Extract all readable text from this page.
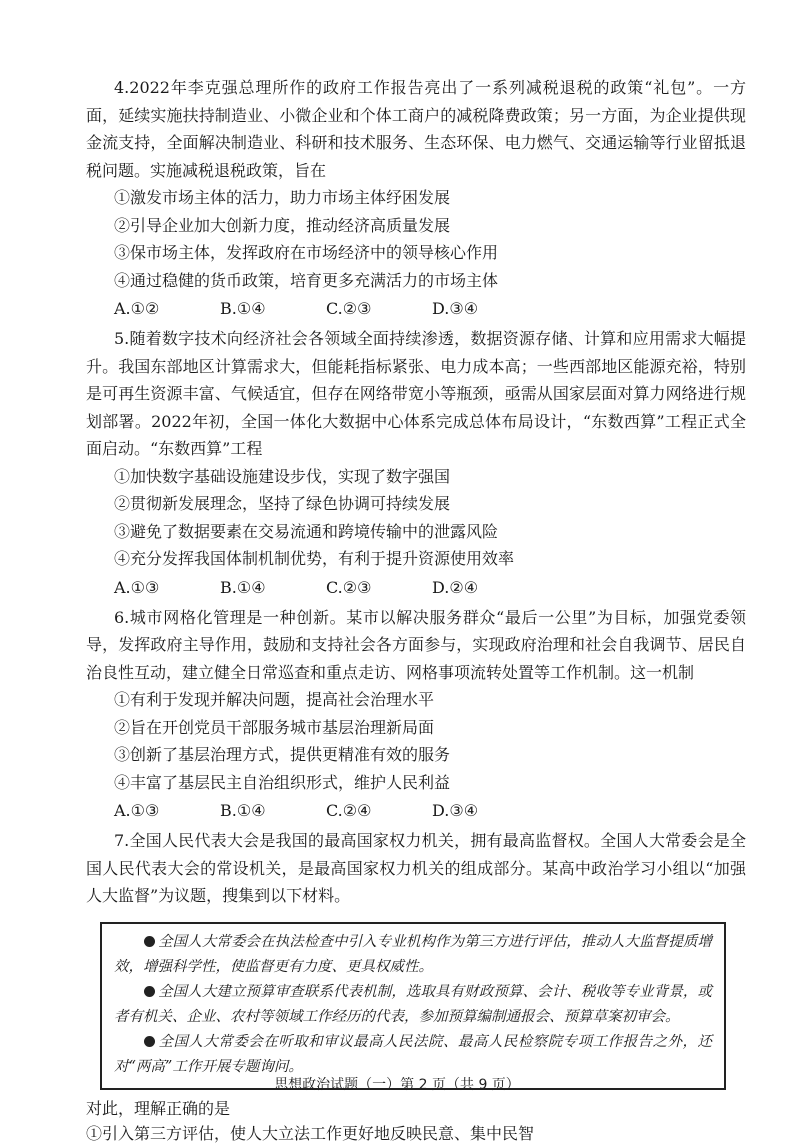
4.2022年李克强总理所作的政府工作报告亮出了一系列减税退税的政策“礼包”。一方面，延续实施扶持制造业、小微企业和个体工商户的减税降费政策；另一方面，为企业提供现金流支持，全面解决制造业、科研和技术服务、生态环保、电力燃气、交通运输等行业留抵退税问题。实施减税退税政策，旨在

①激发市场主体的活力，助力市场主体纾困发展

②引导企业加大创新力度，推动经济高质量发展

③保市场主体，发挥政府在市场经济中的领导核心作用

④通过稳健的货币政策，培育更多充满活力的市场主体

A.①②	B.①④	C.②③	D.③④

5.随着数字技术向经济社会各领域全面持续渗透，数据资源存储、计算和应用需求大幅提升。我国东部地区计算需求大，但能耗指标紧张、电力成本高；一些西部地区能源充裕，特别是可再生资源丰富、气候适宜，但存在网络带宽小等瓶颈，亟需从国家层面对算力网络进行规划部署。2022年初，全国一体化大数据中心体系完成总体布局设计，“东数西算”工程正式全面启动。“东数西算”工程

①加快数字基础设施建设步伐，实现了数字强国

②贯彻新发展理念，坚持了绿色协调可持续发展

③避免了数据要素在交易流通和跨境传输中的泄露风险

④充分发挥我国体制机制优势，有利于提升资源使用效率

A.①③	B.①④	C.②③	D.②④

6.城市网格化管理是一种创新。某市以解决服务群众“最后一公里”为目标，加强党委领导，发挥政府主导作用，鼓励和支持社会各方面参与，实现政府治理和社会自我调节、居民自治良性互动，建立健全日常巡查和重点走访、网格事项流转处置等工作机制。这一机制

①有利于发现并解决问题，提高社会治理水平

②旨在开创党员干部服务城市基层治理新局面

③创新了基层治理方式，提供更精准有效的服务

④丰富了基层民主自治组织形式，维护人民利益

A.①③	B.①④	C.②④	D.③④

7.全国人民代表大会是我国的最高国家权力机关，拥有最高监督权。全国人大常委会是全国人民代表大会的常设机关，是最高国家权力机关的组成部分。某高中政治学习小组以“加强人大监督”为议题，搜集到以下材料。

全国人大常委会在执法检查中引入专业机构作为第三方进行评估，推动人大监督提质增效，增强科学性，使监督更有力度、更具权威性。

全国人大建立预算审查联系代表机制，选取具有财政预算、会计、税收等专业背景，或者有机关、企业、农村等领域工作经历的代表，参加预算编制通报会、预算草案初审会。

全国人大常委会在听取和审议最高人民法院、最高人民检察院专项工作报告之外，还对“两高”工作开展专题询问。

对此，理解正确的是

①引入第三方评估，使人大立法工作更好地反映民意、集中民智

思想政治试题（一）第 2 页（共 9 页）
